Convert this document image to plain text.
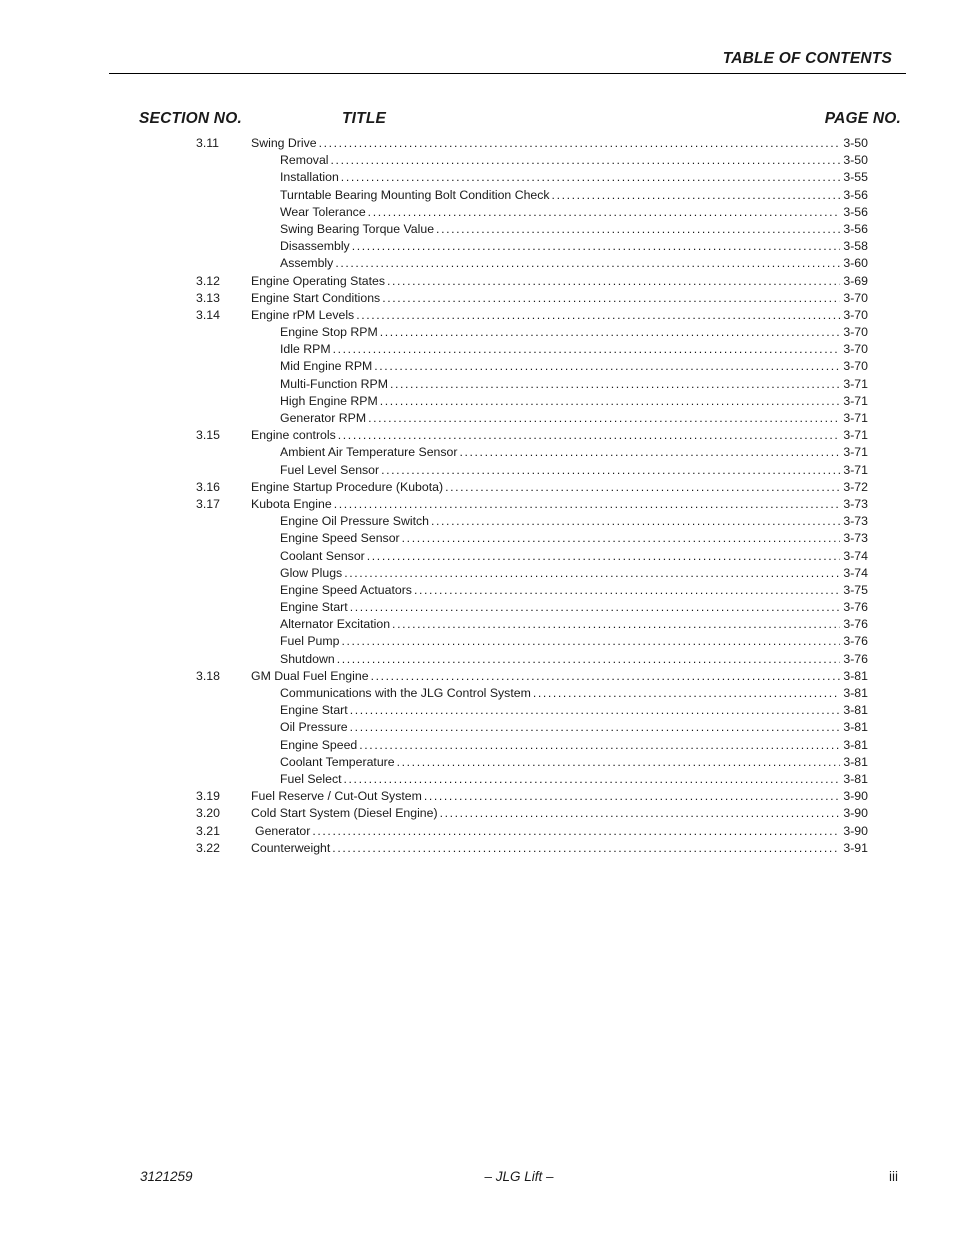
TABLE OF CONTENTS
SECTION NO.	TITLE	PAGE NO.
3.11	Swing Drive .....	3-50
Removal .....	3-50
Installation .....	3-55
Turntable Bearing Mounting Bolt Condition Check .....	3-56
Wear Tolerance .....	3-56
Swing Bearing Torque Value .....	3-56
Disassembly .....	3-58
Assembly .....	3-60
3.12	Engine Operating States .....	3-69
3.13	Engine Start Conditions .....	3-70
3.14	Engine rPM Levels .....	3-70
Engine Stop RPM .....	3-70
Idle RPM .....	3-70
Mid Engine RPM .....	3-70
Multi-Function RPM .....	3-71
High Engine RPM .....	3-71
Generator RPM .....	3-71
3.15	Engine controls .....	3-71
Ambient Air Temperature Sensor .....	3-71
Fuel Level Sensor .....	3-71
3.16	Engine Startup Procedure (Kubota) .....	3-72
3.17	Kubota Engine .....	3-73
Engine Oil Pressure Switch .....	3-73
Engine Speed Sensor .....	3-73
Coolant Sensor .....	3-74
Glow Plugs .....	3-74
Engine Speed Actuators .....	3-75
Engine Start .....	3-76
Alternator Excitation .....	3-76
Fuel Pump .....	3-76
Shutdown .....	3-76
3.18	GM Dual Fuel Engine .....	3-81
Communications with the JLG Control System .....	3-81
Engine Start .....	3-81
Oil Pressure .....	3-81
Engine Speed .....	3-81
Coolant Temperature .....	3-81
Fuel Select .....	3-81
3.19	Fuel Reserve / Cut-Out System .....	3-90
3.20	Cold Start System (Diesel Engine) .....	3-90
3.21	Generator .....	3-90
3.22	Counterweight .....	3-91
3121259	– JLG Lift –	iii
